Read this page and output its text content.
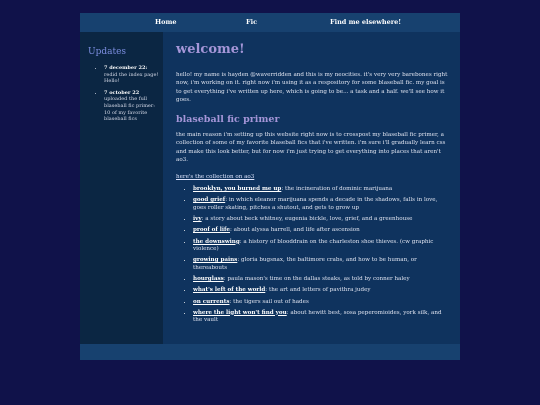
Home	Fic	Find me elsewhere!
Updates
• 7 december 22: redid the index page! Hello!
• 7 october 22 uploaded the full blaseball fic primer: 10 of my favorite blaseball fics
welcome!

hello! my name is hayden @waverridden and this is my neocities. it's very very barebones right now, i'm working on it. right now i'm using it as a respository for some blaseball fic. my goal is to get everything i've written up here, which is going to be... a task and a half. we'll see how it goes.

blaseball fic primer

the main reason i'm setting up this website right now is to crosspost my blaseball fic primer, a collection of some of my favorite blaseball fics that i've written. i'm sure i'll gradually learn css and make this look better, but for now i'm just trying to get everything into places that aren't ao3.

here's the collection on ao3
• brooklyn, you burned me up: the incineration of dominic marijuana
• good grief: in which eleanor marijuana spends a decade in the shadows, falls in love, goes roller skating, pitches a shutout, and gets to grow up
• ivy: a story about beck whitney, eugenia bickle, love, grief, and a greenhouse
• proof of life: about alyssa harrell, and life after ascension
• the downswing: a history of blooddrain on the charleston shoe thieves. (cw graphic violence)
• growing pains: gloria bugsnax, the baltimore crabs, and how to be human, or thereabouts
• hourglass: paula mason's time on the dallas steaks, as told by conner haley
• what's left of the world: the art and letters of pavithra judey
• on currents: the tigers sail out of hades
• where the light won't find you: about hewitt best, sosa peperomioides, york silk, and the vault
